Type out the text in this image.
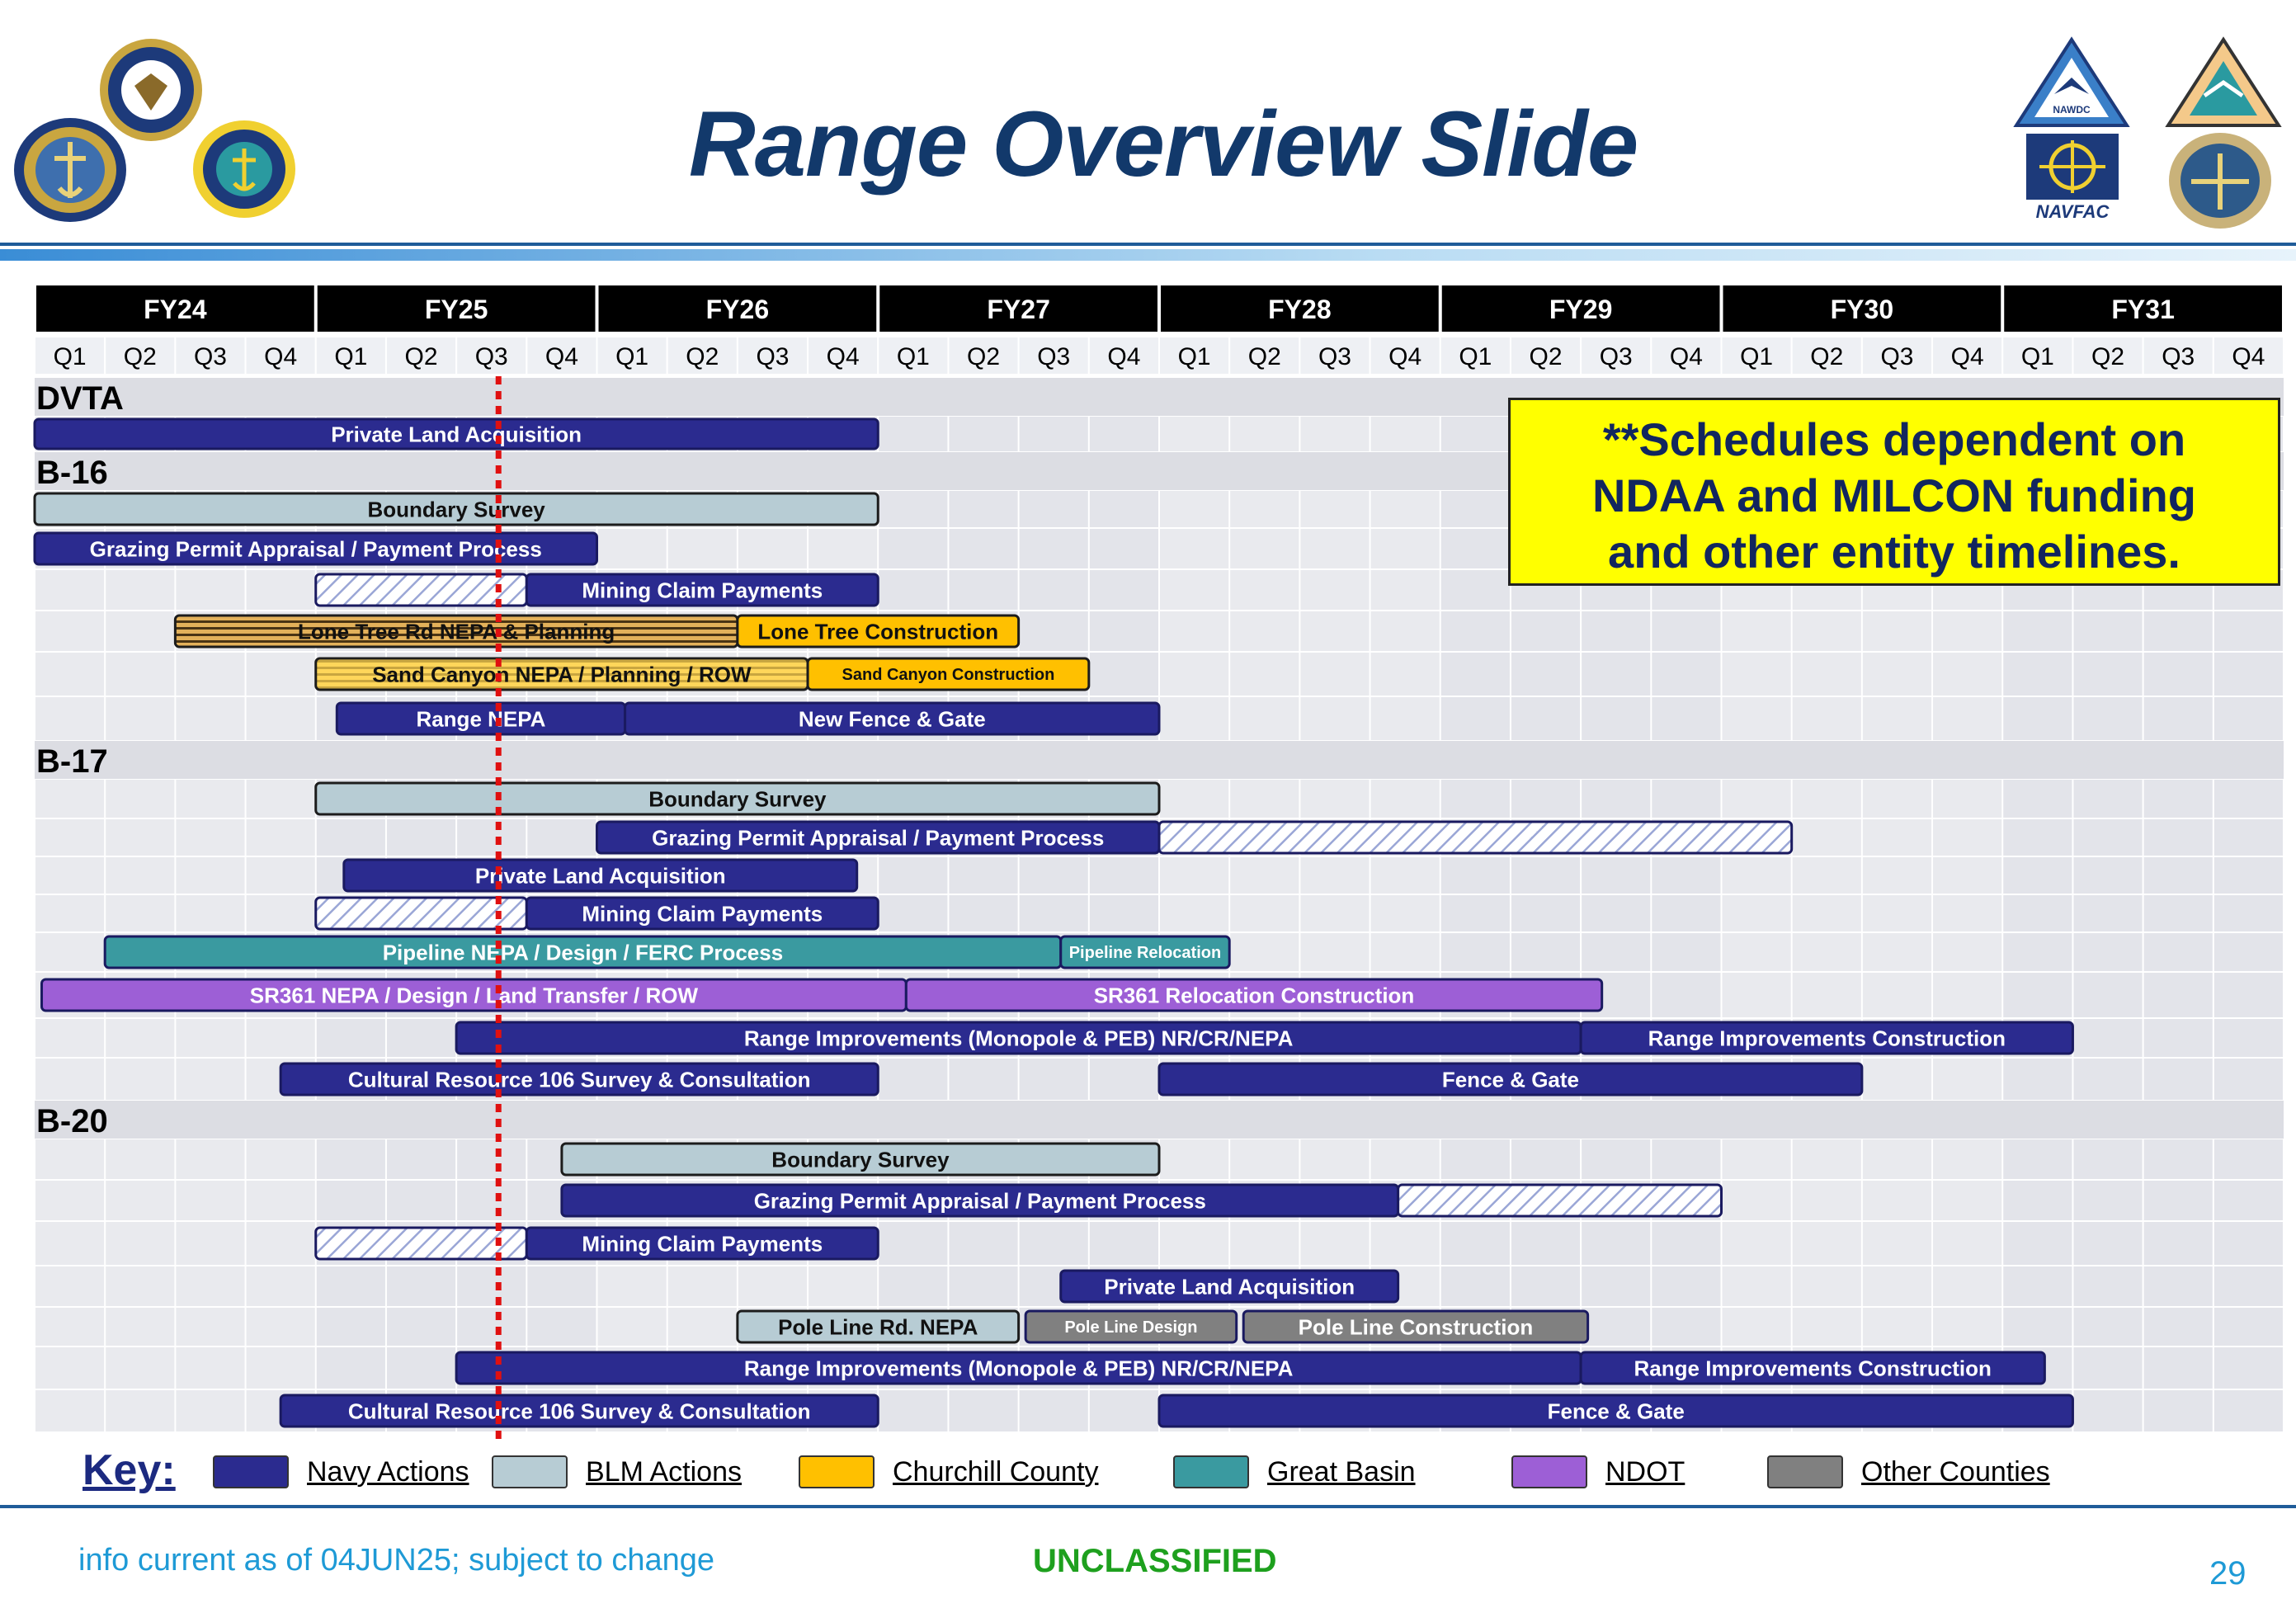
Range Overview Slide	NAWDC
NAVFAC
FY24	FY25	FY26	FY27	FY28	FY29	FY30	FY31
Q1 Q2 Q3 Q4 Q1 Q2 Q3 Q4 Q1 Q2 Q3 Q4 Q1 Q2 Q3 Q4 Q1 Q2 Q3 Q4 Q1 Q2 Q3 Q4 Q1 Q2 Q3 Q4 Q1 Q2 Q3 Q4
DVTA
B-16
B-17
B-20
Private Land Acquisition
Boundary Survey
Grazing Permit Appraisal / Payment Process
Mining Claim Payments
Lone Tree Rd NEPA & Planning	Lone Tree Construction
Sand Canyon NEPA / Planning / ROW	Sand Canyon Construction
Range NEPA	New Fence & Gate
Boundary Survey
Grazing Permit Appraisal / Payment Process
Private Land Acquisition
Mining Claim Payments
Pipeline NEPA / Design / FERC Process	Pipeline Relocation
SR361 NEPA / Design / Land Transfer / ROW	SR361 Relocation Construction
Range Improvements (Monopole & PEB) NR/CR/NEPA	Range Improvements Construction
Cultural Resource 106 Survey & Consultation	Fence & Gate
Boundary Survey
Grazing Permit Appraisal / Payment Process
Mining Claim Payments
Private Land Acquisition
Pole Line Rd. NEPA	Pole Line Design	Pole Line Construction
Range Improvements (Monopole & PEB) NR/CR/NEPA	Range Improvements Construction
Cultural Resource 106 Survey & Consultation	Fence & Gate
**Schedules dependent on
NDAA and MILCON funding
and other entity timelines.
Key:	Navy Actions	BLM Actions	Churchill County	Great Basin	NDOT	Other Counties
info current as of 04JUN25; subject to change	UNCLASSIFIED	29
